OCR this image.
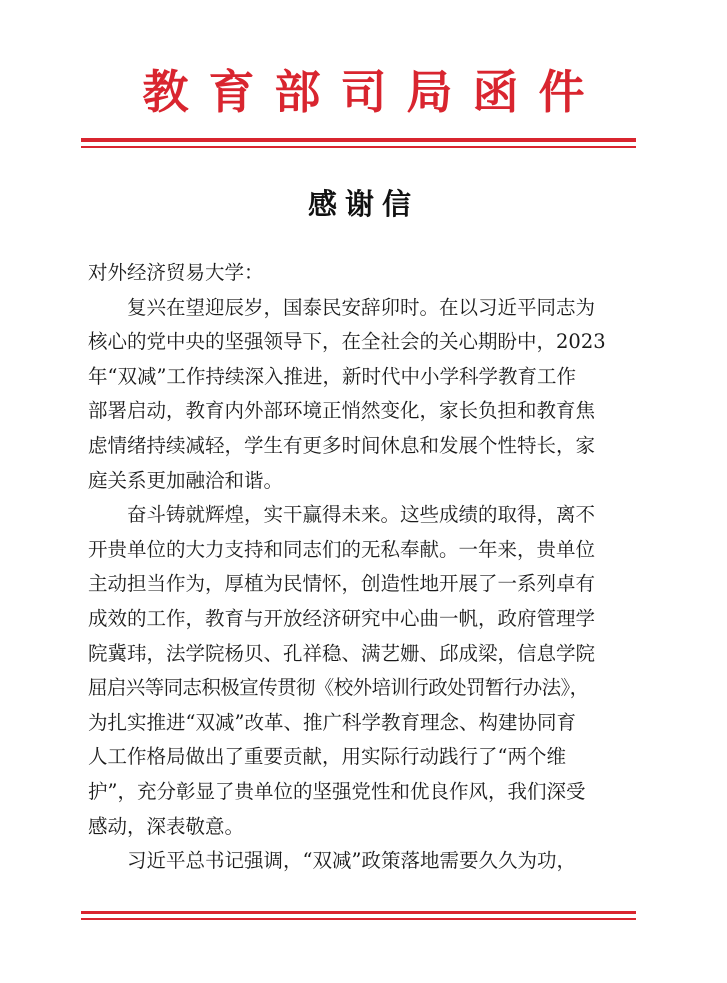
教育部司局函件
感谢信

对外经济贸易大学：

复兴在望迎辰岁，国泰民安辞卯时。在以习近平同志为
核心的党中央的坚强领导下，在全社会的关心期盼中，2023
年“双减”工作持续深入推进，新时代中小学科学教育工作
部署启动，教育内外部环境正悄然变化，家长负担和教育焦
虑情绪持续减轻，学生有更多时间休息和发展个性特长，家
庭关系更加融洽和谐。

奋斗铸就辉煌，实干赢得未来。这些成绩的取得，离不
开贵单位的大力支持和同志们的无私奉献。一年来，贵单位
主动担当作为，厚植为民情怀，创造性地开展了一系列卓有
成效的工作，教育与开放经济研究中心曲一帆，政府管理学
院冀玮，法学院杨贝、孔祥稳、满艺姗、邱成梁，信息学院
屈启兴等同志积极宣传贯彻《校外培训行政处罚暂行办法》，
为扎实推进“双减”改革、推广科学教育理念、构建协同育
人工作格局做出了重要贡献，用实际行动践行了“两个维
护”，充分彰显了贵单位的坚强党性和优良作风，我们深受
感动，深表敬意。

习近平总书记强调，“双减”政策落地需要久久为功，
